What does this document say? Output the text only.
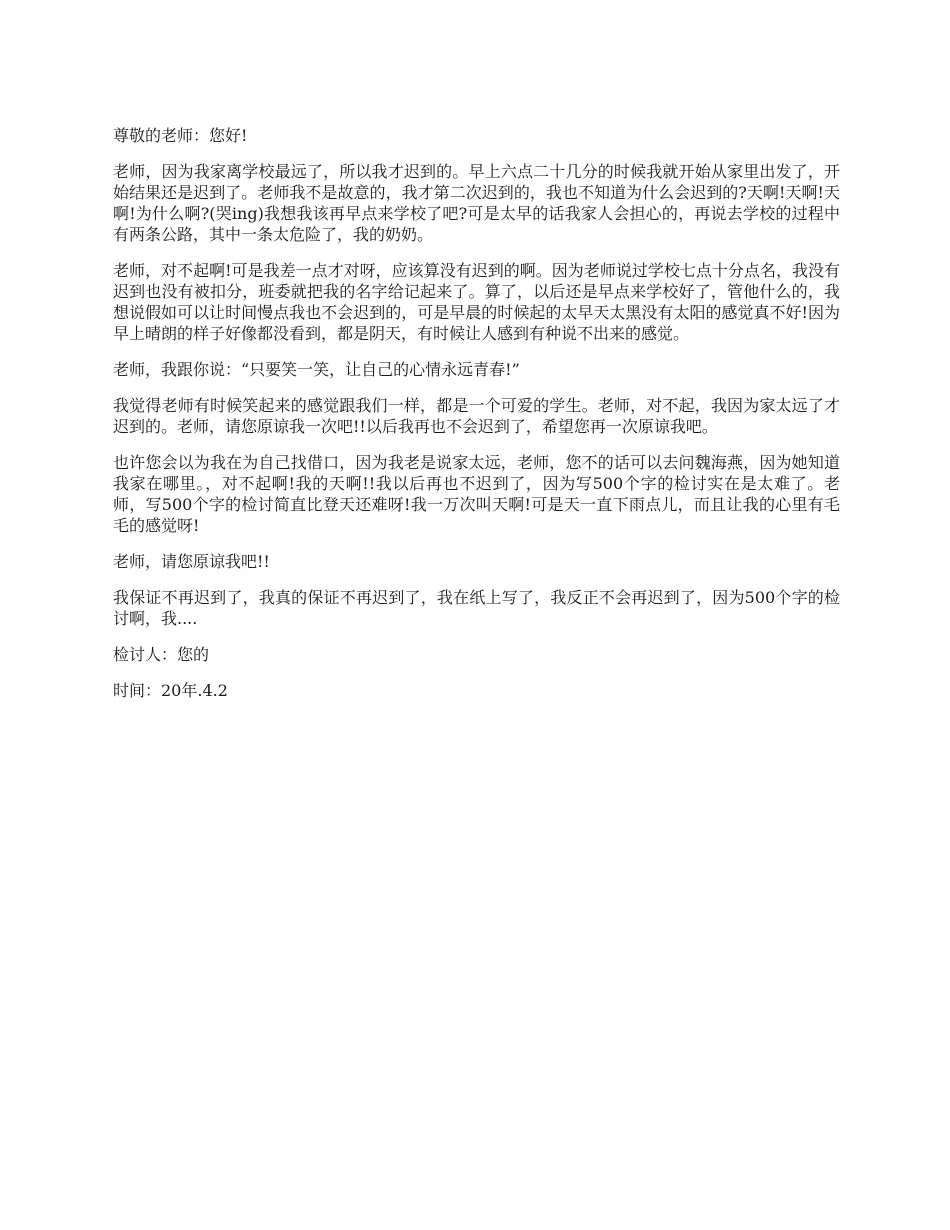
尊敬的老师：您好!

老师，因为我家离学校最远了，所以我才迟到的。早上六点二十几分的时候我就开始从家里出发了，开始结果还是迟到了。老师我不是故意的，我才第二次迟到的，我也不知道为什么会迟到的?天啊!天啊!天啊!为什么啊?(哭ing)我想我该再早点来学校了吧?可是太早的话我家人会担心的，再说去学校的过程中有两条公路，其中一条太危险了，我的奶奶。

老师，对不起啊!可是我差一点才对呀，应该算没有迟到的啊。因为老师说过学校七点十分点名，我没有迟到也没有被扣分，班委就把我的名字给记起来了。算了，以后还是早点来学校好了，管他什么的，我想说假如可以让时间慢点我也不会迟到的，可是早晨的时候起的太早天太黑没有太阳的感觉真不好!因为早上晴朗的样子好像都没看到，都是阴天，有时候让人感到有种说不出来的感觉。

老师，我跟你说：“只要笑一笑，让自己的心情永远青春!”

我觉得老师有时候笑起来的感觉跟我们一样，都是一个可爱的学生。老师，对不起，我因为家太远了才迟到的。老师，请您原谅我一次吧!!以后我再也不会迟到了，希望您再一次原谅我吧。

也许您会以为我在为自己找借口，因为我老是说家太远，老师，您不的话可以去问魏海燕，因为她知道我家在哪里。，对不起啊!我的天啊!!我以后再也不迟到了，因为写500个字的检讨实在是太难了。老师，写500个字的检讨简直比登天还难呀!我一万次叫天啊!可是天一直下雨点儿，而且让我的心里有毛毛的感觉呀!

老师，请您原谅我吧!!

我保证不再迟到了，我真的保证不再迟到了，我在纸上写了，我反正不会再迟到了，因为500个字的检讨啊，我....

检讨人：您的

时间：20年.4.2
